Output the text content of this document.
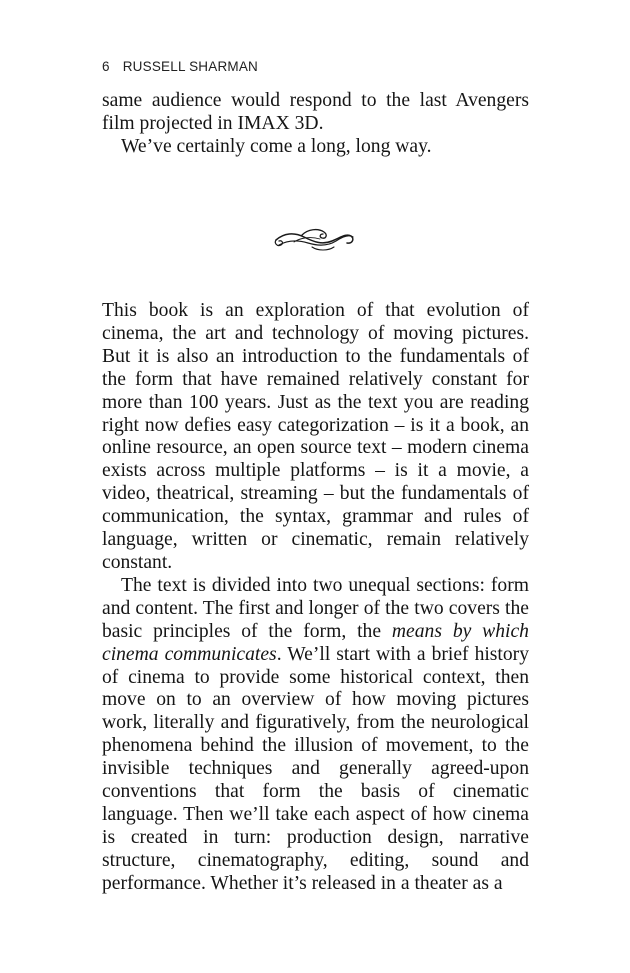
6 RUSSELL SHARMAN

same audience would respond to the last Avengers film projected in IMAX 3D.

We’ve certainly come a long, long way.

This book is an exploration of that evolution of cinema, the art and technology of moving pictures. But it is also an introduction to the fundamentals of the form that have remained relatively constant for more than 100 years. Just as the text you are reading right now defies easy categorization – is it a book, an online resource, an open source text – modern cinema exists across multiple platforms – is it a movie, a video, theatrical, streaming – but the fundamentals of communication, the syntax, grammar and rules of language, written or cinematic, remain relatively constant.

The text is divided into two unequal sections: form and content. The first and longer of the two covers the basic principles of the form, the means by which cinema communicates. We’ll start with a brief history of cinema to provide some historical context, then move on to an overview of how moving pictures work, literally and figuratively, from the neurological phenomena behind the illusion of movement, to the invisible techniques and generally agreed-upon conventions that form the basis of cinematic language. Then we’ll take each aspect of how cinema is created in turn: production design, narrative structure, cinematography, editing, sound and performance. Whether it’s released in a theater as a
